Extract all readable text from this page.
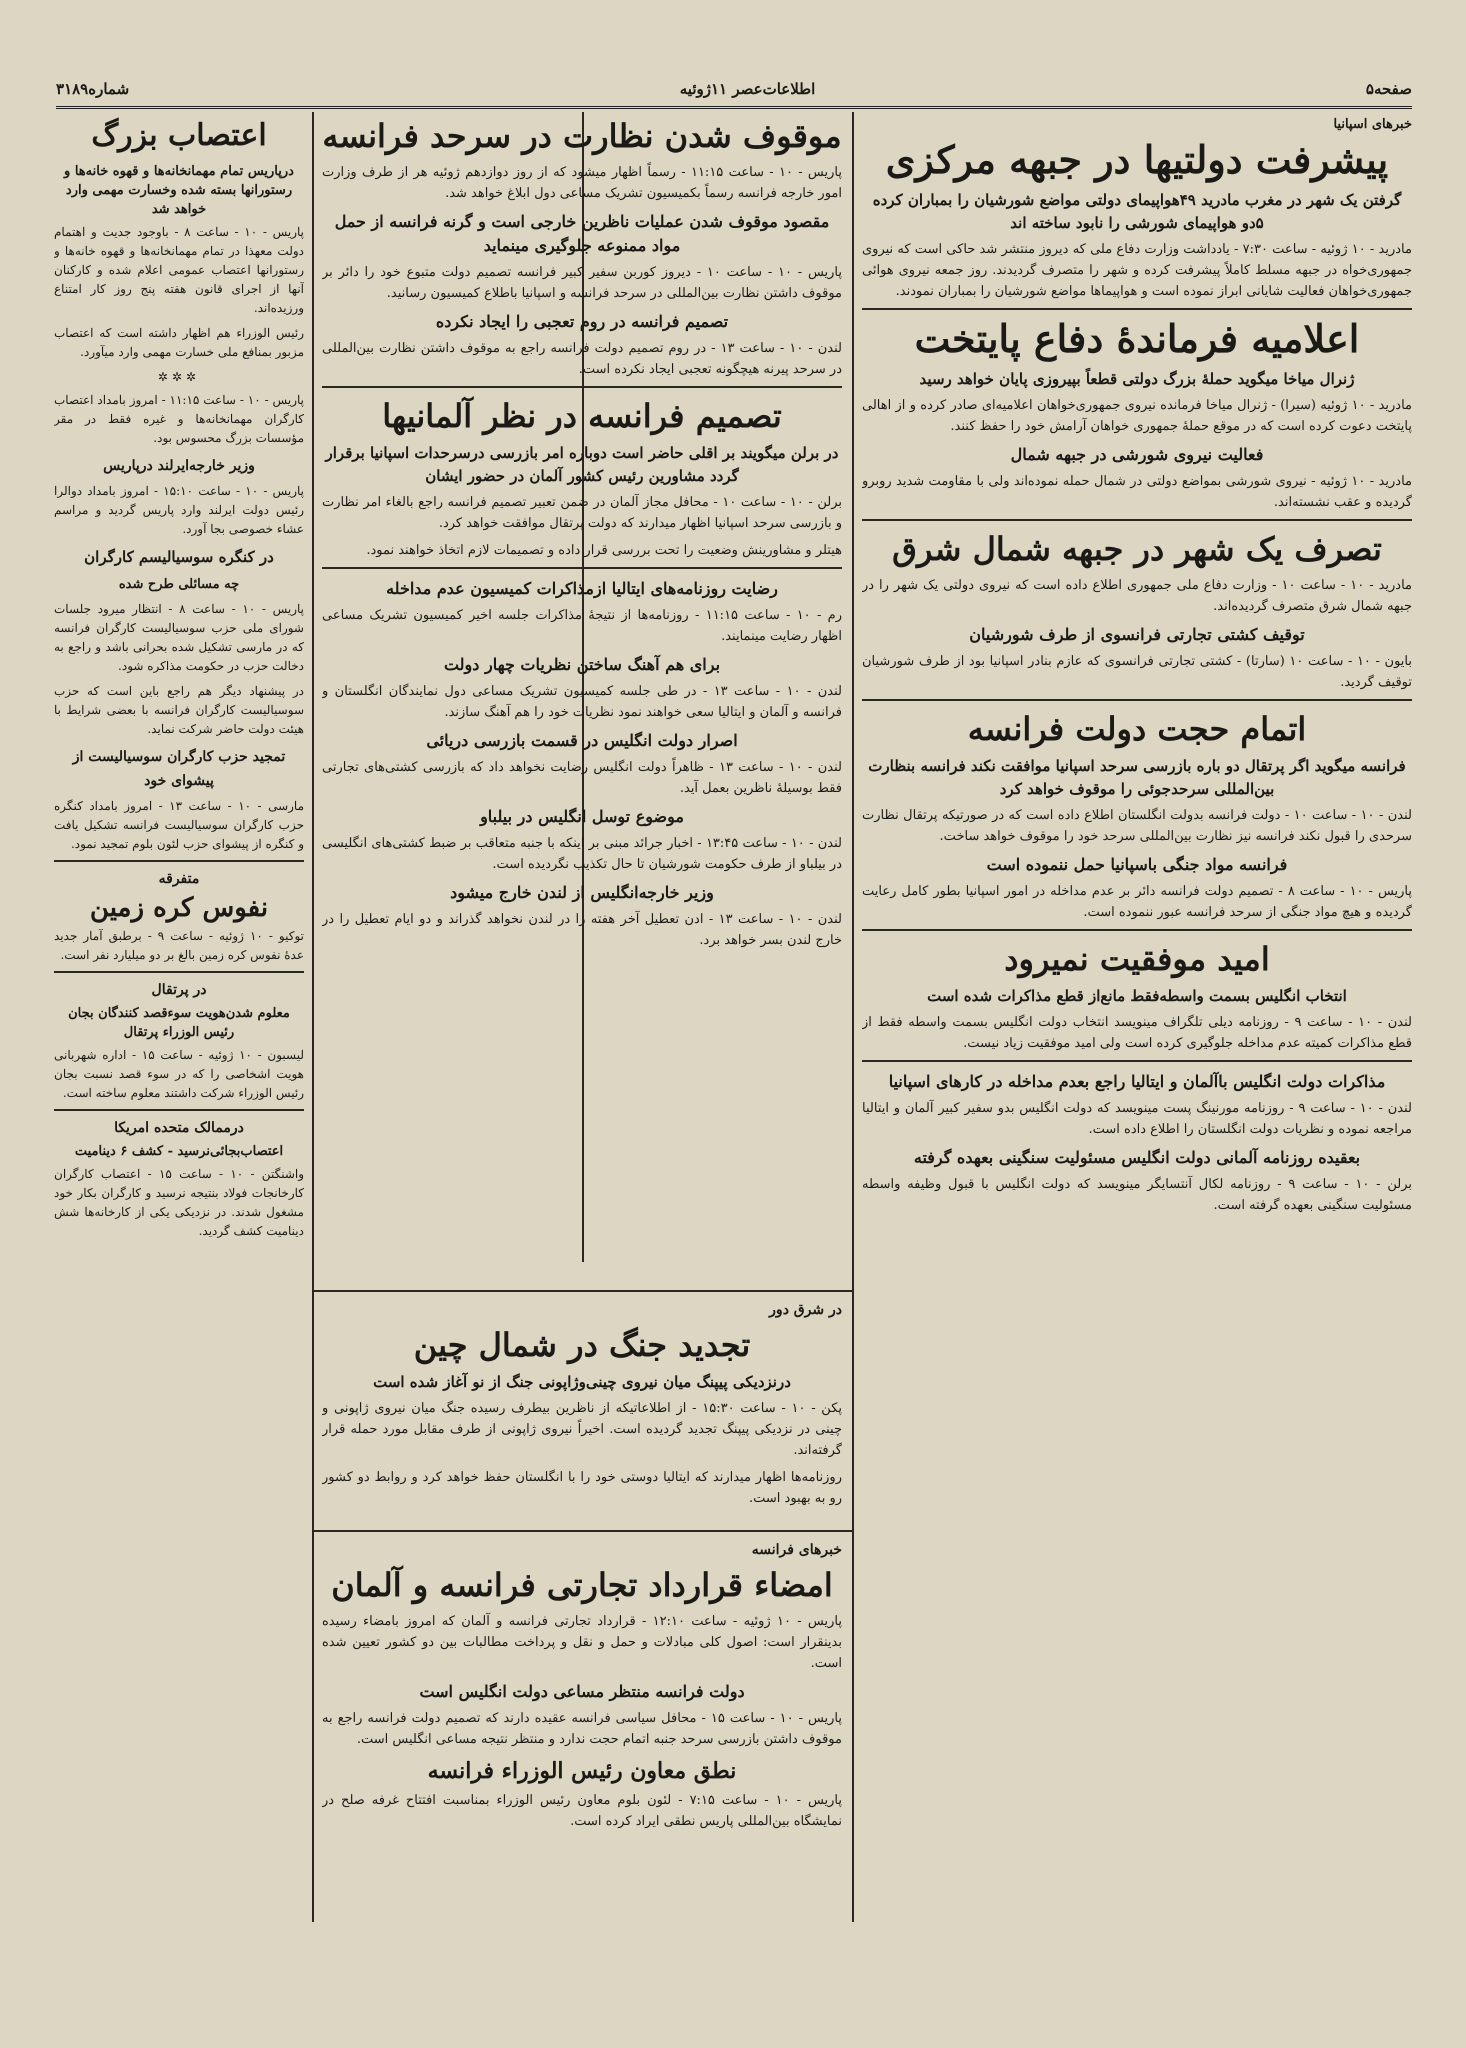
صفحه۵
اطلاعات‌عصر ۱۱ژوئیه
شماره۳۱۸۹
خبرهای اسپانیا
پیشرفت دولتیها در جبهه مرکزی
گرفتن یک شهر در مغرب مادرید ۴۹هواپیمای دولتی مواضع شورشیان را بمباران کرده ۵دو هواپیمای شورشی را نابود ساخته اند

مادرید - ۱۰ ژوئیه - ساعت ۷:۳۰ - یادداشت وزارت دفاع ملی که دیروز منتشر شد حاکی است که نیروی جمهوری‌خواه در جبهه مسلط کاملاً پیشرفت کرده و شهر را متصرف گردیدند. روز جمعه نیروی هوائی جمهوری‌خواهان فعالیت شایانی ابراز نموده است و هواپیماها مواضع شورشیان را بمباران نمودند.

اعلامیه فرماندهٔ دفاع پایتخت
ژنرال میاخا میگوید حملهٔ بزرگ دولتی قطعاً بپیروزی پایان خواهد رسید

مادرید - ۱۰ ژوئیه (سیرا) - ژنرال میاخا فرمانده نیروی جمهوری‌خواهان اعلامیه‌ای صادر کرده و از اهالی پایتخت دعوت کرده است که در موقع حملهٔ جمهوری خواهان آرامش خود را حفظ کنند.

فعالیت نیروی شورشی در جبهه شمال

مادرید - ۱۰ ژوئیه - نیروی شورشی بمواضع دولتی در شمال حمله نموده‌اند ولی با مقاومت شدید روبرو گردیده و عقب نشسته‌اند.

تصرف یک شهر در جبهه شمال شرق

مادرید - ۱۰ - ساعت ۱۰ - وزارت دفاع ملی جمهوری اطلاع داده است که نیروی دولتی یک شهر را در جبهه شمال شرق متصرف گردیده‌اند.

توقیف کشتی تجارتی فرانسوی از طرف شورشیان

بایون - ۱۰ - ساعت ۱۰ (سارتا) - کشتی تجارتی فرانسوی که عازم بنادر اسپانیا بود از طرف شورشیان توقیف گردید.

اتمام حجت دولت فرانسه
فرانسه میگوید اگر پرتقال دو باره بازرسی سرحد اسپانیا موافقت نکند فرانسه بنظارت بین‌المللی سرحدجوئی را موقوف خواهد کرد

لندن - ۱۰ - ساعت ۱۰ - دولت فرانسه بدولت انگلستان اطلاع داده است که در صورتیکه پرتقال نظارت سرحدی را قبول نکند فرانسه نیز نظارت بین‌المللی سرحد خود را موقوف خواهد ساخت.

فرانسه مواد جنگی باسپانیا حمل ننموده است

پاریس - ۱۰ - ساعت ۸ - تصمیم دولت فرانسه دائر بر عدم مداخله در امور اسپانیا بطور کامل رعایت گردیده و هیچ مواد جنگی از سرحد فرانسه عبور ننموده است.

امید موفقیت نمیرود
انتخاب انگلیس بسمت واسطه‌فقط مانع‌از قطع مذاکرات شده است

لندن - ۱۰ - ساعت ۹ - روزنامه دیلی تلگراف مینویسد انتخاب دولت انگلیس بسمت واسطه فقط از قطع مذاکرات کمیته عدم مداخله جلوگیری کرده است ولی امید موفقیت زیاد نیست.

مذاکرات دولت انگلیس باآلمان و ایتالیا راجع بعدم مداخله در کارهای اسپانیا

لندن - ۱۰ - ساعت ۹ - روزنامه مورنینگ پست مینویسد که دولت انگلیس بدو سفیر کبیر آلمان و ایتالیا مراجعه نموده و نظریات دولت انگلستان را اطلاع داده است.

بعقیده روزنامه آلمانی دولت انگلیس مسئولیت سنگینی بعهده گرفته

برلن - ۱۰ - ساعت ۹ - روزنامه لکال آنتسایگر مینویسد که دولت انگلیس با قبول وظیفه واسطه مسئولیت سنگینی بعهده گرفته است.

موقوف شدن نظارت در سرحد فرانسه

پاریس - ۱۰ - ساعت ۱۱:۱۵ - رسماً اظهار میشود که از روز دوازدهم ژوئیه هر از طرف وزارت امور خارجه فرانسه رسماً بکمیسیون تشریک مساعی دول ابلاغ خواهد شد.

مقصود موقوف شدن عملیات ناظرین خارجی است و گرنه فرانسه از حمل مواد ممنوعه جلوگیری مینماید

پاریس - ۱۰ - ساعت ۱۰ - دیروز کوربن سفیر کبیر فرانسه تصمیم دولت متبوع خود را دائر بر موقوف داشتن نظارت بین‌المللی در سرحد فرانسه و اسپانیا باطلاع کمیسیون رسانید.

تصمیم فرانسه در روم تعجبی را ایجاد نکرده

لندن - ۱۰ - ساعت ۱۳ - در روم تصمیم دولت فرانسه راجع به موقوف داشتن نظارت بین‌المللی در سرحد پیرنه هیچگونه تعجبی ایجاد نکرده است.

تصمیم فرانسه در نظر آلمانیها
در برلن میگویند بر اقلی حاضر است دوباره امر بازرسی درسرحدات اسپانیا برقرار گردد مشاورین رئیس کشور آلمان در حضور ایشان

برلن - ۱۰ - ساعت ۱۰ - محافل مجاز آلمان در ضمن تعبیر تصمیم فرانسه راجع بالغاء امر نظارت و بازرسی سرحد اسپانیا اظهار میدارند که دولت پرتقال موافقت خواهد کرد.

هیتلر و مشاورینش وضعیت را تحت بررسی قرار داده و تصمیمات لازم اتخاذ خواهند نمود.

رضایت روزنامه‌های ایتالیا ازمذاکرات کمیسیون عدم مداخله

رم - ۱۰ - ساعت ۱۱:۱۵ - روزنامه‌ها از نتیجهٔ مذاکرات جلسه اخیر کمیسیون تشریک مساعی اظهار رضایت مینمایند.

برای هم آهنگ ساختن نظریات چهار دولت

لندن - ۱۰ - ساعت ۱۳ - در طی جلسه کمیسیون تشریک مساعی دول نمایندگان انگلستان و فرانسه و آلمان و ایتالیا سعی خواهند نمود نظریات خود را هم آهنگ سازند.

اصرار دولت انگلیس در قسمت بازرسی دریائی

لندن - ۱۰ - ساعت ۱۳ - ظاهراً دولت انگلیس رضایت نخواهد داد که بازرسی کشتی‌های تجارتی فقط بوسیلهٔ ناظرین بعمل آید.

موضوع توسل انگلیس در بیلباو

لندن - ۱۰ - ساعت ۱۳:۴۵ - اخبار جرائد مبنی بر اینکه با جنبه متعاقب بر ضبط کشتی‌های انگلیسی در بیلباو از طرف حکومت شورشیان تا حال تکذیب نگردیده است.

وزیر خارجه‌انگلیس از لندن خارج میشود

لندن - ۱۰ - ساعت ۱۳ - ادن تعطیل آخر هفته را در لندن نخواهد گذراند و دو ایام تعطیل را در خارج لندن بسر خواهد برد.

در شرق دور
تجدید جنگ در شمال چین
درنزدیکی پیپنگ میان نیروی چینی‌وژاپونی جنگ از نو آغاز شده است

پکن - ۱۰ - ساعت ۱۵:۳۰ - از اطلاعاتیکه از ناظرین بیطرف رسیده جنگ میان نیروی ژاپونی و چینی در نزدیکی پیپنگ تجدید گردیده است. اخیراً نیروی ژاپونی از طرف مقابل مورد حمله قرار گرفته‌اند.

روزنامه‌ها اظهار میدارند که ایتالیا دوستی خود را با انگلستان حفظ خواهد کرد و روابط دو کشور رو به بهبود است.

خبرهای فرانسه
امضاء قرارداد تجارتی فرانسه و آلمان

پاریس - ۱۰ ژوئیه - ساعت ۱۲:۱۰ - قرارداد تجارتی فرانسه و آلمان که امروز بامضاء رسیده بدینقرار است: اصول کلی مبادلات و حمل و نقل و پرداخت مطالبات بین دو کشور تعیین شده است.

دولت فرانسه منتظر مساعی دولت انگلیس است

پاریس - ۱۰ - ساعت ۱۵ - محافل سیاسی فرانسه عقیده دارند که تصمیم دولت فرانسه راجع به موقوف داشتن بازرسی سرحد جنبه اتمام حجت ندارد و منتظر نتیجه مساعی انگلیس است.

نطق معاون رئیس الوزراء فرانسه

پاریس - ۱۰ - ساعت ۷:۱۵ - لئون بلوم معاون رئیس الوزراء بمناسبت افتتاح غرفه صلح در نمایشگاه بین‌المللی پاریس نطقی ایراد کرده است.

اعتصاب بزرگ
درپاریس تمام مهمانخانه‌ها و قهوه خانه‌ها و رستورانها بسته شده وخسارت مهمی وارد خواهد شد

پاریس - ۱۰ - ساعت ۸ - باوجود جدیت و اهتمام دولت معهذا در تمام مهمانخانه‌ها و قهوه خانه‌ها و رستورانها اعتصاب عمومی اعلام شده و کارکنان آنها از اجرای قانون هفته پنج روز کار امتناع ورزیده‌اند.

رئیس الوزراء هم اظهار داشته است که اعتصاب مزبور بمنافع ملی خسارت مهمی وارد میآورد.

✲✲✲

پاریس - ۱۰ - ساعت ۱۱:۱۵ - امروز بامداد اعتصاب کارگران مهمانخانه‌ها و غیره فقط در مقر مؤسسات بزرگ محسوس بود.

وزیر خارجه‌ایرلند درپاریس

پاریس - ۱۰ - ساعت ۱۵:۱۰ - امروز بامداد دوالرا رئیس دولت ایرلند وارد پاریس گردید و مراسم عشاء خصوصی بجا آورد.

در کنگره سوسیالیسم کارگران
چه مسائلی طرح شده

پاریس - ۱۰ - ساعت ۸ - انتظار میرود جلسات شورای ملی حزب سوسیالیست کارگران فرانسه که در مارسی تشکیل شده بحرانی باشد و راجع به دخالت حزب در حکومت مذاکره شود.

در پیشنهاد دیگر هم راجع باین است که حزب سوسیالیست کارگران فرانسه با بعضی شرایط با هیئت دولت حاضر شرکت نماید.

تمجید حزب کارگران سوسیالیست از پیشوای خود

مارسی - ۱۰ - ساعت ۱۳ - امروز بامداد کنگره حزب کارگران سوسیالیست فرانسه تشکیل یافت و کنگره از پیشوای حزب لئون بلوم تمجید نمود.

متفرقه
نفوس کره زمین

توکیو - ۱۰ ژوئیه - ساعت ۹ - برطبق آمار جدید عدهٔ نفوس کره زمین بالغ بر دو میلیارد نفر است.

در پرتقال
معلوم شدن‌هویت سوءقصد کنندگان بجان رئیس الوزراء پرتقال

لیسبون - ۱۰ ژوئیه - ساعت ۱۵ - اداره شهربانی هویت اشخاصی را که در سوء قصد نسبت بجان رئیس الوزراء شرکت داشتند معلوم ساخته است.

درممالک متحده امریکا
اعتصاب‌بجائی‌نرسید - کشف ۶ دینامیت

واشنگتن - ۱۰ - ساعت ۱۵ - اعتصاب کارگران کارخانجات فولاد بنتیجه نرسید و کارگران بکار خود مشغول شدند. در نزدیکی یکی از کارخانه‌ها شش دینامیت کشف گردید.
